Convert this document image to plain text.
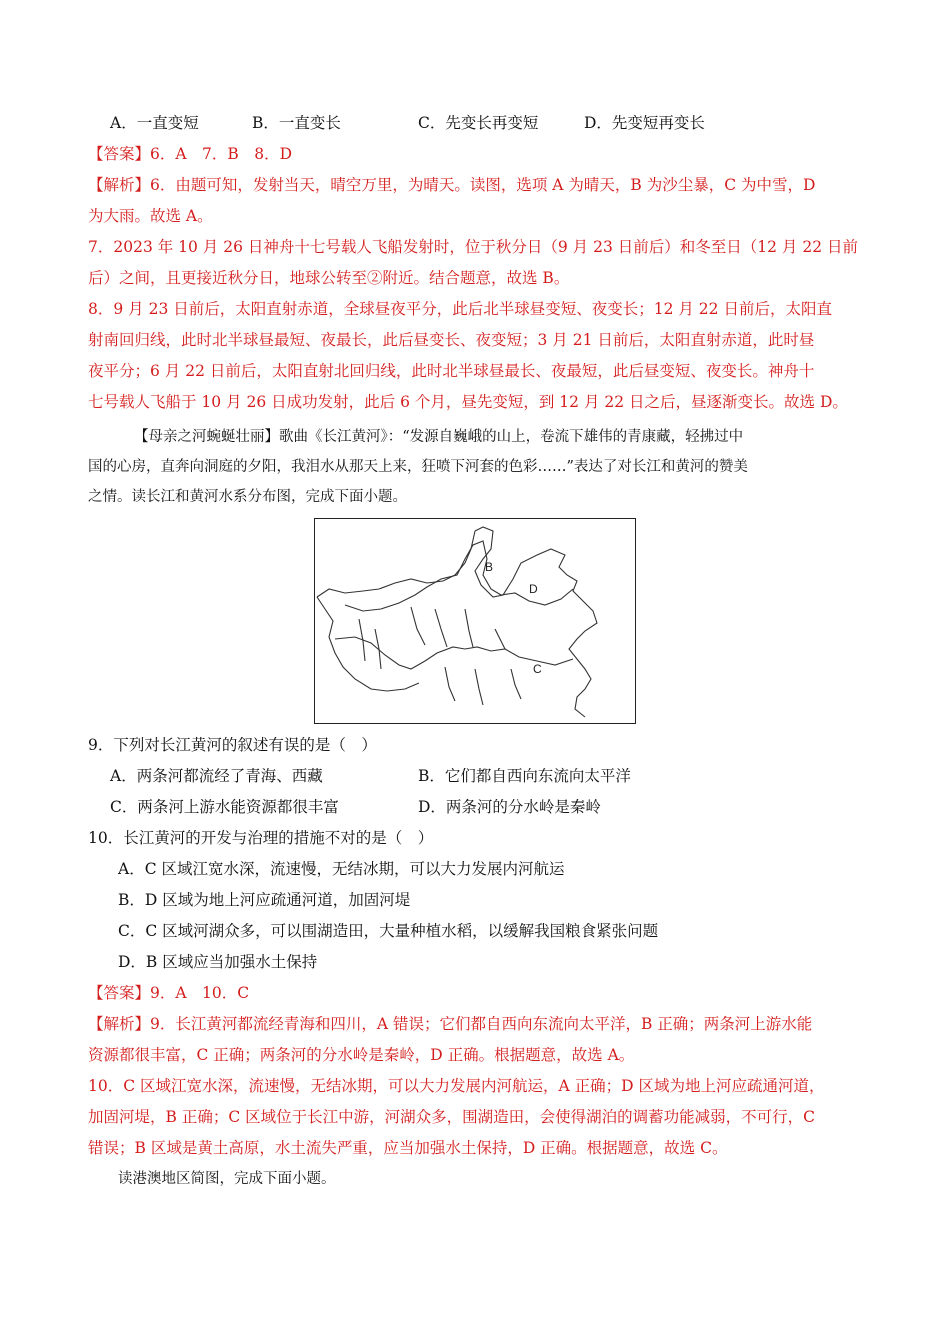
A．一直变短	B．一直变长	C．先变长再变短	D．先变短再变长
【答案】6．A　7．B　8．D
【解析】6．由题可知，发射当天，晴空万里，为晴天。读图，选项 A 为晴天，B 为沙尘暴，C 为中雪，D
为大雨。故选 A。
7．2023 年 10 月 26 日神舟十七号载人飞船发射时，位于秋分日（9 月 23 日前后）和冬至日（12 月 22 日前
后）之间，且更接近秋分日，地球公转至②附近。结合题意，故选 B。
8．9 月 23 日前后，太阳直射赤道，全球昼夜平分，此后北半球昼变短、夜变长；12 月 22 日前后，太阳直
射南回归线，此时北半球昼最短、夜最长，此后昼变长、夜变短；3 月 21 日前后，太阳直射赤道，此时昼
夜平分；6 月 22 日前后，太阳直射北回归线，此时北半球昼最长、夜最短，此后昼变短、夜变长。神舟十
七号载人飞船于 10 月 26 日成功发射，此后 6 个月，昼先变短，到 12 月 22 日之后，昼逐渐变长。故选 D。
【母亲之河蜿蜒壮丽】歌曲《长江黄河》：“发源自巍峨的山上，卷流下雄伟的青康藏，轻拂过中
国的心房，直奔向洞庭的夕阳，我泪水从那天上来，狂喷下河套的色彩……”表达了对长江和黄河的赞美
之情。读长江和黄河水系分布图，完成下面小题。
B
D
C
9．下列对长江黄河的叙述有误的是（　）
A．两条河都流经了青海、西藏	B．它们都自西向东流向太平洋
C．两条河上游水能资源都很丰富	D．两条河的分水岭是秦岭
10．长江黄河的开发与治理的措施不对的是（　）
A．C 区域江宽水深，流速慢，无结冰期，可以大力发展内河航运
B．D 区域为地上河应疏通河道，加固河堤
C．C 区域河湖众多，可以围湖造田，大量种植水稻，以缓解我国粮食紧张问题
D．B 区域应当加强水土保持
【答案】9．A　10．C
【解析】9．长江黄河都流经青海和四川，A 错误；它们都自西向东流向太平洋，B 正确；两条河上游水能
资源都很丰富，C 正确；两条河的分水岭是秦岭，D 正确。根据题意，故选 A。
10．C 区域江宽水深，流速慢，无结冰期，可以大力发展内河航运，A 正确；D 区域为地上河应疏通河道，
加固河堤，B 正确；C 区域位于长江中游，河湖众多，围湖造田，会使得湖泊的调蓄功能减弱，不可行，C
错误；B 区域是黄土高原，水土流失严重，应当加强水土保持，D 正确。根据题意，故选 C。
读港澳地区简图，完成下面小题。
